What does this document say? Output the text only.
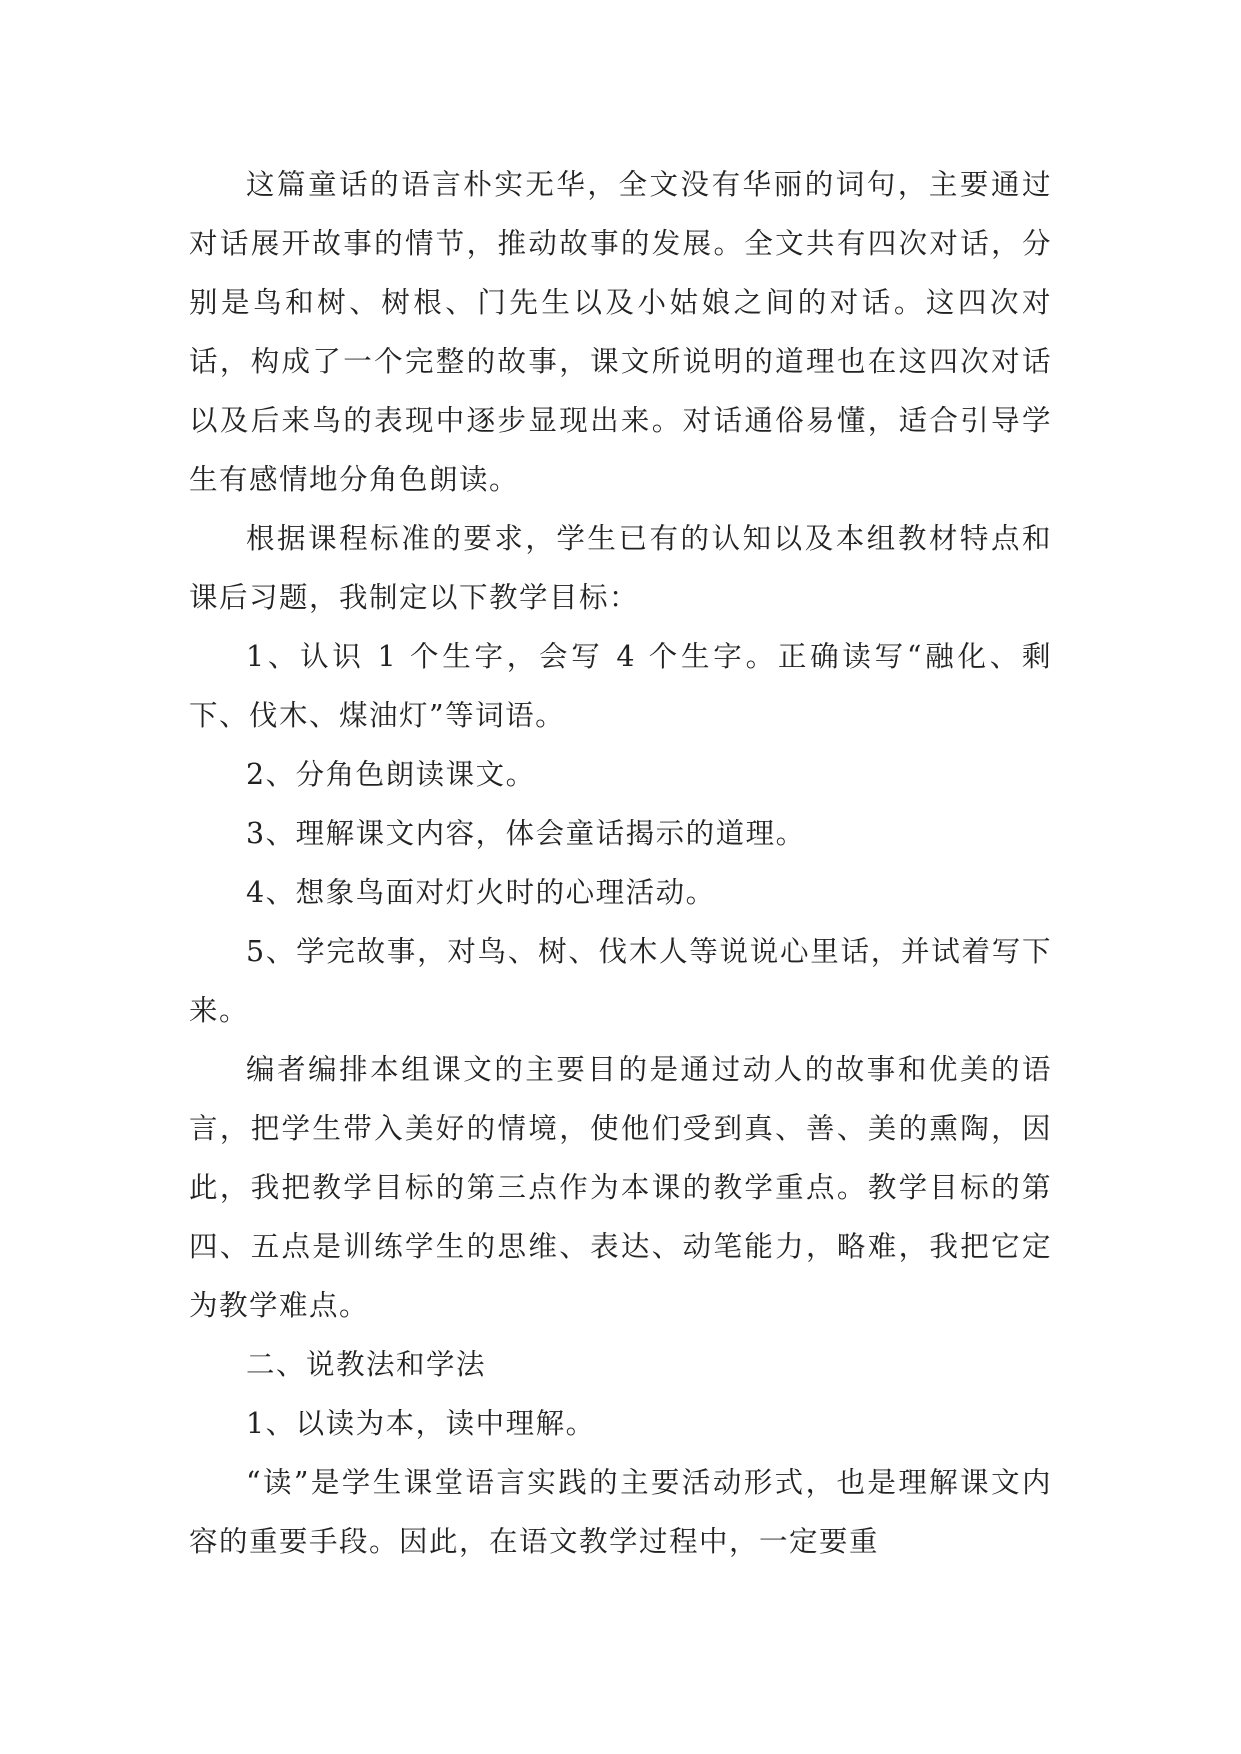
这篇童话的语言朴实无华，全文没有华丽的词句，主要通过对话展开故事的情节，推动故事的发展。全文共有四次对话，分别是鸟和树、树根、门先生以及小姑娘之间的对话。这四次对话，构成了一个完整的故事，课文所说明的道理也在这四次对话以及后来鸟的表现中逐步显现出来。对话通俗易懂，适合引导学生有感情地分角色朗读。

根据课程标准的要求，学生已有的认知以及本组教材特点和课后习题，我制定以下教学目标：

1、认识 1 个生字，会写 4 个生字。正确读写“融化、剩下、伐木、煤油灯”等词语。

2、分角色朗读课文。

3、理解课文内容，体会童话揭示的道理。

4、想象鸟面对灯火时的心理活动。

5、学完故事，对鸟、树、伐木人等说说心里话，并试着写下来。

编者编排本组课文的主要目的是通过动人的故事和优美的语言，把学生带入美好的情境，使他们受到真、善、美的熏陶，因此，我把教学目标的第三点作为本课的教学重点。教学目标的第四、五点是训练学生的思维、表达、动笔能力，略难，我把它定为教学难点。

二、说教法和学法

1、以读为本，读中理解。

“读”是学生课堂语言实践的主要活动形式，也是理解课文内容的重要手段。因此，在语文教学过程中，一定要重
